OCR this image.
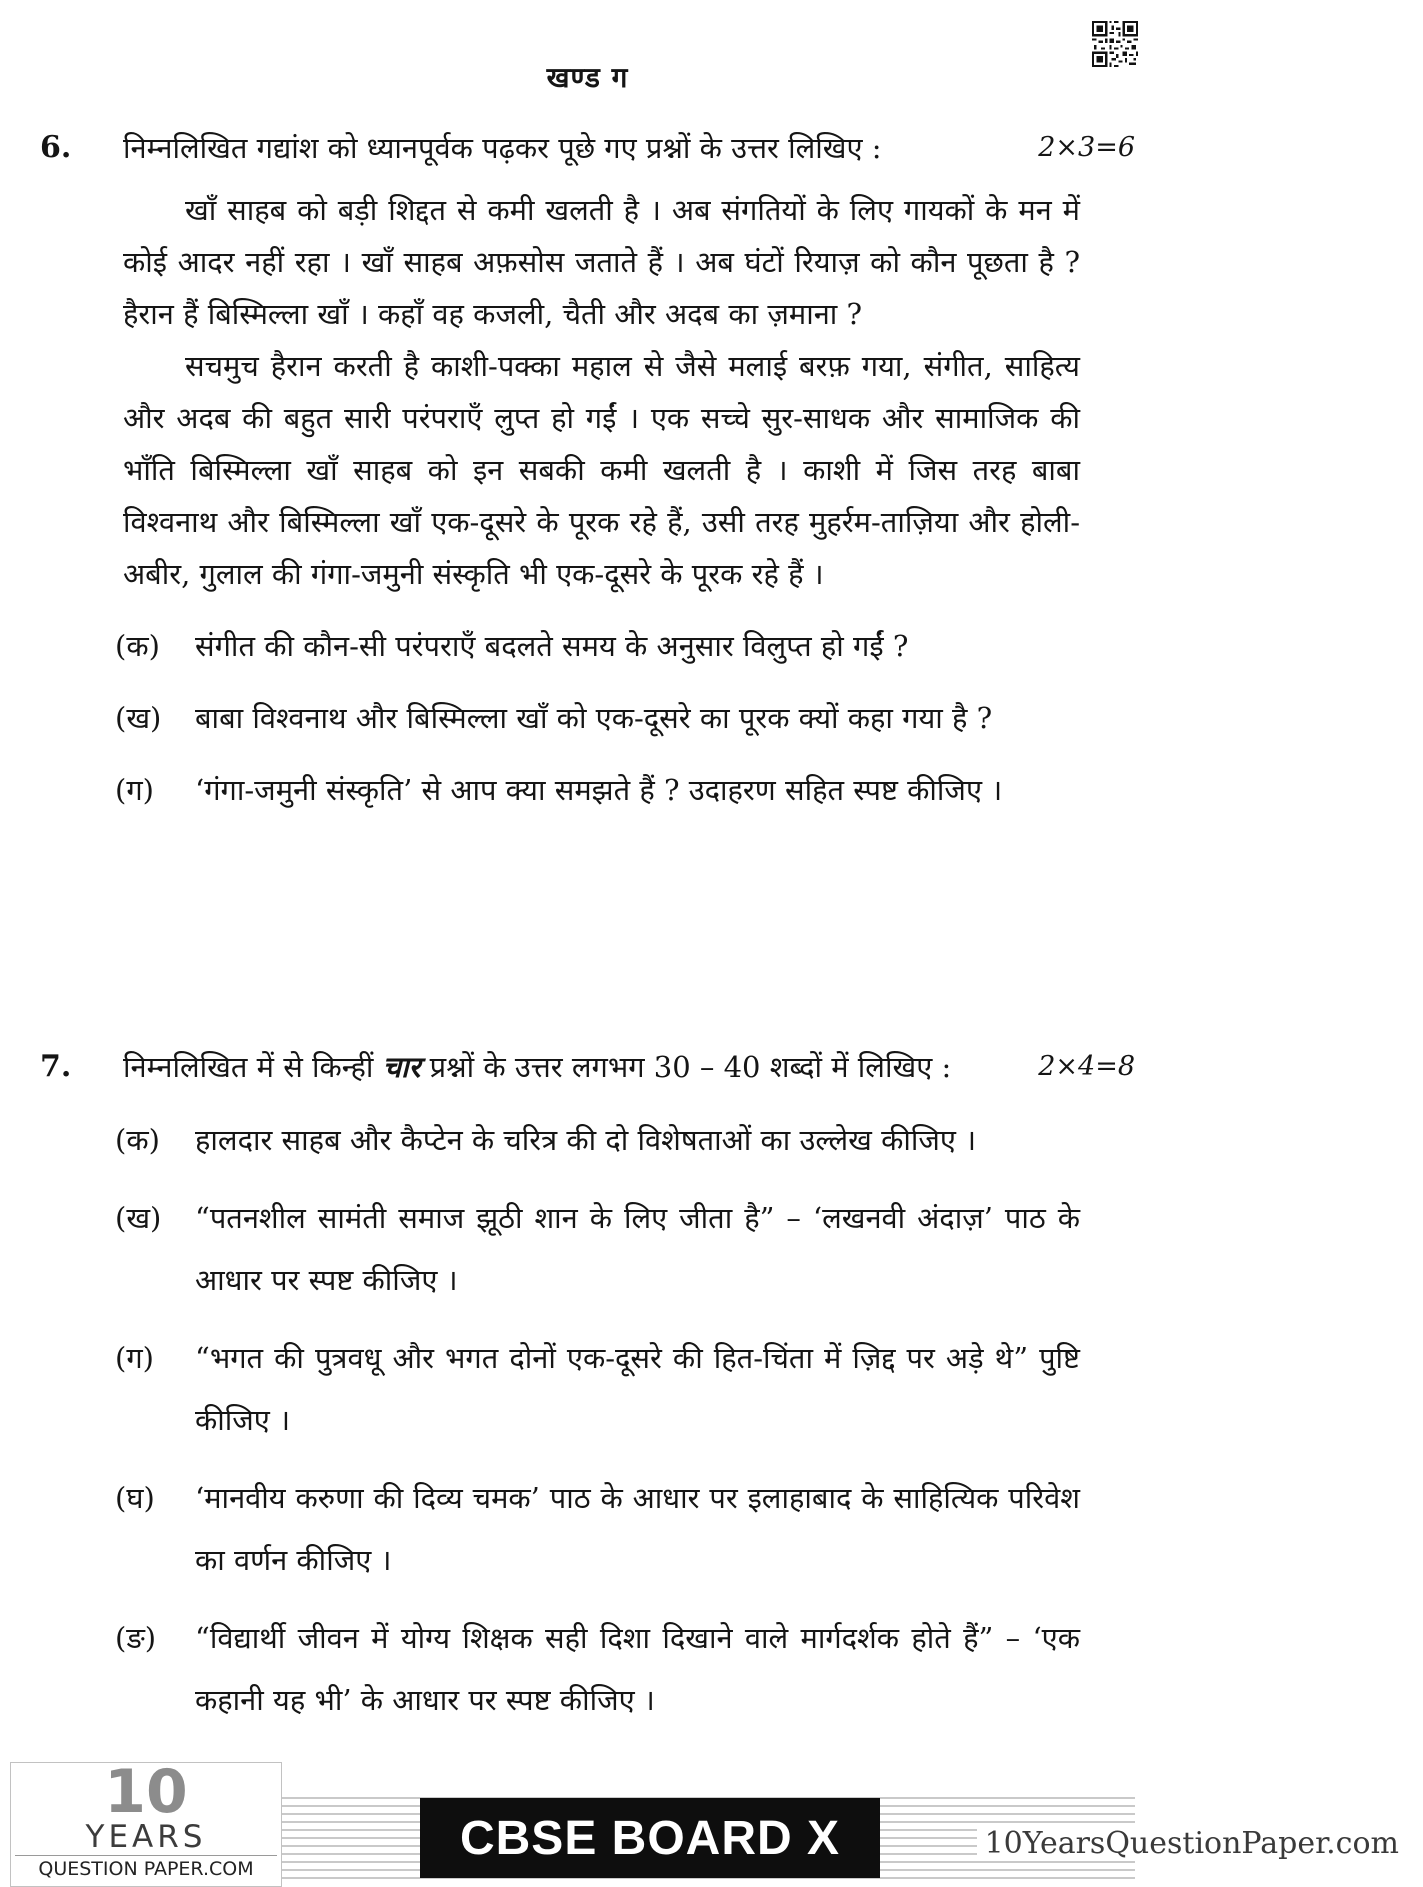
खण्ड ग
6.	निम्नलिखित गद्यांश को ध्यानपूर्वक पढ़कर पूछे गए प्रश्नों के उत्तर लिखिए :	2×3=6

खाँ साहब को बड़ी शिद्दत से कमी खलती है । अब संगतियों के लिए गायकों के मन में कोई आदर नहीं रहा । खाँ साहब अफ़सोस जताते हैं । अब घंटों रियाज़ को कौन पूछता है ? हैरान हैं बिस्मिल्ला खाँ । कहाँ वह कजली, चैती और अदब का ज़माना ?

सचमुच हैरान करती है काशी-पक्का महाल से जैसे मलाई बरफ़ गया, संगीत, साहित्य और अदब की बहुत सारी परंपराएँ लुप्त हो गईं । एक सच्चे सुर-साधक और सामाजिक की भाँति बिस्मिल्ला खाँ साहब को इन सबकी कमी खलती है । काशी में जिस तरह बाबा विश्वनाथ और बिस्मिल्ला खाँ एक-दूसरे के पूरक रहे हैं, उसी तरह मुहर्रम-ताज़िया और होली-अबीर, गुलाल की गंगा-जमुनी संस्कृति भी एक-दूसरे के पूरक रहे हैं ।

(क)	संगीत की कौन-सी परंपराएँ बदलते समय के अनुसार विलुप्त हो गईं ?
(ख)	बाबा विश्वनाथ और बिस्मिल्ला खाँ को एक-दूसरे का पूरक क्यों कहा गया है ?
(ग)	‘गंगा-जमुनी संस्कृति’ से आप क्या समझते हैं ? उदाहरण सहित स्पष्ट कीजिए ।
7.	निम्नलिखित में से किन्हीं चार प्रश्नों के उत्तर लगभग 30 – 40 शब्दों में लिखिए :	2×4=8
(क)	हालदार साहब और कैप्टेन के चरित्र की दो विशेषताओं का उल्लेख कीजिए ।
(ख)	“पतनशील सामंती समाज झूठी शान के लिए जीता है” – ‘लखनवी अंदाज़’ पाठ के आधार पर स्पष्ट कीजिए ।
(ग)	“भगत की पुत्रवधू और भगत दोनों एक-दूसरे की हित-चिंता में ज़िद्द पर अड़े थे” पुष्टि कीजिए ।
(घ)	‘मानवीय करुणा की दिव्य चमक’ पाठ के आधार पर इलाहाबाद के साहित्यिक परिवेश का वर्णन कीजिए ।
(ङ)	“विद्यार्थी जीवन में योग्य शिक्षक सही दिशा दिखाने वाले मार्गदर्शक होते हैं” – ‘एक कहानी यह भी’ के आधार पर स्पष्ट कीजिए ।
10
YEARS
QUESTION PAPER.COM
CBSE BOARD X	10YearsQuestionPaper.com
